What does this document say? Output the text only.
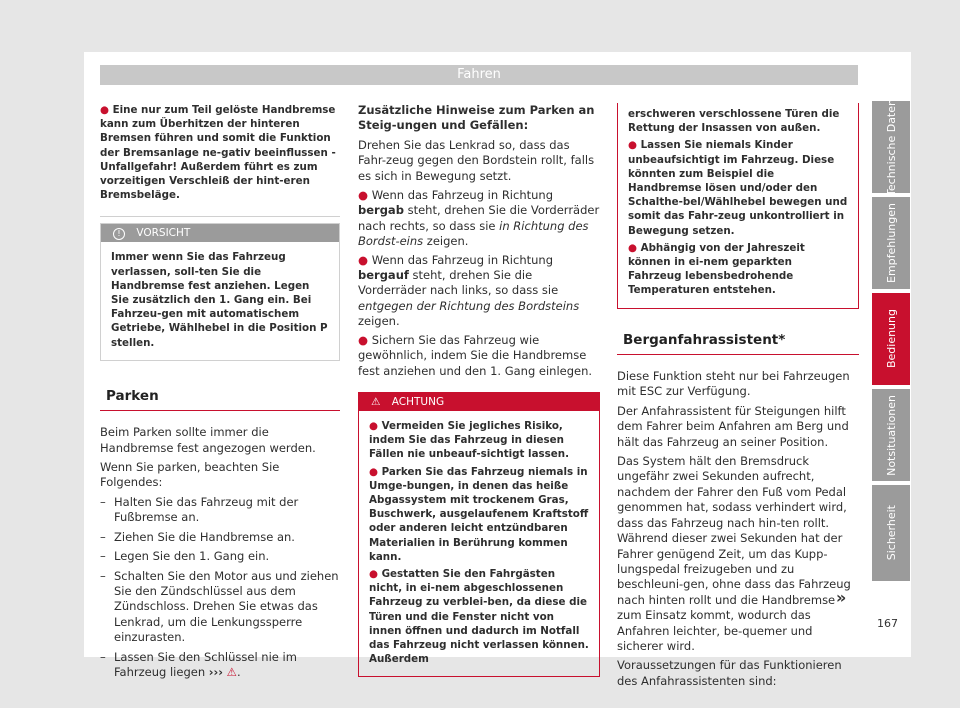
Fahren
● Eine nur zum Teil gelöste Handbremse kann zum Überhitzen der hinteren Bremsen führen und somit die Funktion der Bremsanlage ne-gativ beeinflussen - Unfallgefahr! Außerdem führt es zum vorzeitigen Verschleiß der hint-eren Bremsbeläge.
! VORSICHT
Immer wenn Sie das Fahrzeug verlassen, soll-ten Sie die Handbremse fest anziehen. Legen Sie zusätzlich den 1. Gang ein. Bei Fahrzeu-gen mit automatischem Getriebe, Wählhebel in die Position P stellen.
Parken

Beim Parken sollte immer die Handbremse fest angezogen werden.

Wenn Sie parken, beachten Sie Folgendes:

– Halten Sie das Fahrzeug mit der Fußbremse an.
– Ziehen Sie die Handbremse an.
– Legen Sie den 1. Gang ein.
– Schalten Sie den Motor aus und ziehen Sie den Zündschlüssel aus dem Zündschloss. Drehen Sie etwas das Lenkrad, um die Lenkungssperre einzurasten.
– Lassen Sie den Schlüssel nie im Fahrzeug liegen ››› ⚠.
Zusätzliche Hinweise zum Parken an Steig-ungen und Gefällen:

Drehen Sie das Lenkrad so, dass das Fahr-zeug gegen den Bordstein rollt, falls es sich in Bewegung setzt.

● Wenn das Fahrzeug in Richtung bergab steht, drehen Sie die Vorderräder nach rechts, so dass sie in Richtung des Bordst-eins zeigen.
● Wenn das Fahrzeug in Richtung bergauf steht, drehen Sie die Vorderräder nach links, so dass sie entgegen der Richtung des Bordsteins zeigen.
● Sichern Sie das Fahrzeug wie gewöhnlich, indem Sie die Handbremse fest anziehen und den 1. Gang einlegen.
⚠ ACHTUNG
● Vermeiden Sie jegliches Risiko, indem Sie das Fahrzeug in diesen Fällen nie unbeauf-sichtigt lassen.
● Parken Sie das Fahrzeug niemals in Umge-bungen, in denen das heiße Abgassystem mit trockenem Gras, Buschwerk, ausgelaufenem Kraftstoff oder anderen leicht entzündbaren Materialien in Berührung kommen kann.
● Gestatten Sie den Fahrgästen nicht, in ei-nem abgeschlossenen Fahrzeug zu verblei-ben, da diese die Türen und die Fenster nicht von innen öffnen und dadurch im Notfall das Fahrzeug nicht verlassen können. Außerdem
erschweren verschlossene Türen die Rettung der Insassen von außen.
● Lassen Sie niemals Kinder unbeaufsichtigt im Fahrzeug. Diese könnten zum Beispiel die Handbremse lösen und/oder den Schalthe-bel/Wählhebel bewegen und somit das Fahr-zeug unkontrolliert in Bewegung setzen.
● Abhängig von der Jahreszeit können in ei-nem geparkten Fahrzeug lebensbedrohende Temperaturen entstehen.
Berganfahrassistent*

Diese Funktion steht nur bei Fahrzeugen mit ESC zur Verfügung.

Der Anfahrassistent für Steigungen hilft dem Fahrer beim Anfahren am Berg und hält das Fahrzeug an seiner Position.

Das System hält den Bremsdruck ungefähr zwei Sekunden aufrecht, nachdem der Fahrer den Fuß vom Pedal genommen hat, sodass verhindert wird, dass das Fahrzeug nach hin-ten rollt. Während dieser zwei Sekunden hat der Fahrer genügend Zeit, um das Kupp-lungspedal freizugeben und zu beschleuni-gen, ohne dass das Fahrzeug nach hinten rollt und die Handbremse zum Einsatz kommt, wodurch das Anfahren leichter, be-quemer und sicherer wird.

Voraussetzungen für das Funktionieren des Anfahrassistenten sind:

»
Technische Daten
Empfehlungen
Bedienung
Notsituationen
Sicherheit
167
